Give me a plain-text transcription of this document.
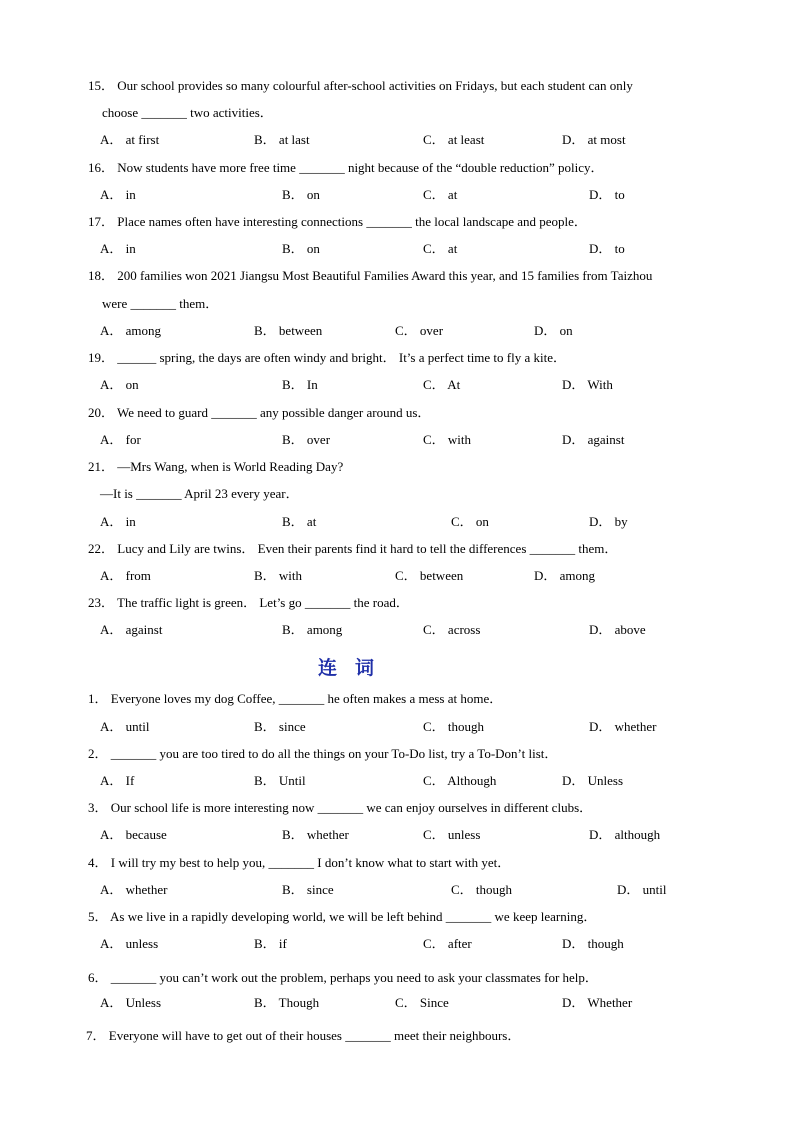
15． Our school provides so many colourful after-school activities on Fridays, but each student can only
choose _______ two activities．
A． at first	B． at last	C． at least	D． at most
16． Now students have more free time _______ night because of the “double reduction” policy．
A． in	B． on	C． at	D． to
17． Place names often have interesting connections _______ the local landscape and people．
A． in	B． on	C． at	D． to
18． 200 families won 2021 Jiangsu Most Beautiful Families Award this year, and 15 families from Taizhou
were _______ them．
A． among	B． between	C． over	D． on
19． ______ spring, the days are often windy and bright． It’s a perfect time to fly a kite．
A． on	B． In	C． At	D． With
20． We need to guard _______ any possible danger around us．
A． for	B． over	C． with	D． against
21． —Mrs Wang, when is World Reading Day?
—It is _______ April 23 every year．
A． in	B． at	C． on	D． by
22． Lucy and Lily are twins． Even their parents find it hard to tell the differences _______ them．
A． from	B． with	C． between	D． among
23． The traffic light is green． Let’s go _______ the road．
A． against	B． among	C． across	D． above
1． Everyone loves my dog Coffee, _______ he often makes a mess at home．
A． until	B． since	C． though	D． whether
2． _______ you are too tired to do all the things on your To-Do list, try a To-Don’t list．
A． If	B． Until	C． Although	D． Unless
3． Our school life is more interesting now _______ we can enjoy ourselves in different clubs．
A． because	B． whether	C． unless	D． although
4． I will try my best to help you, _______ I don’t know what to start with yet．
A． whether	B． since	C． though	D． until
5． As we live in a rapidly developing world, we will be left behind _______ we keep learning．
A． unless	B． if	C． after	D． though
6． _______ you can’t work out the problem, perhaps you need to ask your classmates for help．
A． Unless	B． Though	C． Since	D． Whether
7． Everyone will have to get out of their houses _______ meet their neighbours．
连词
